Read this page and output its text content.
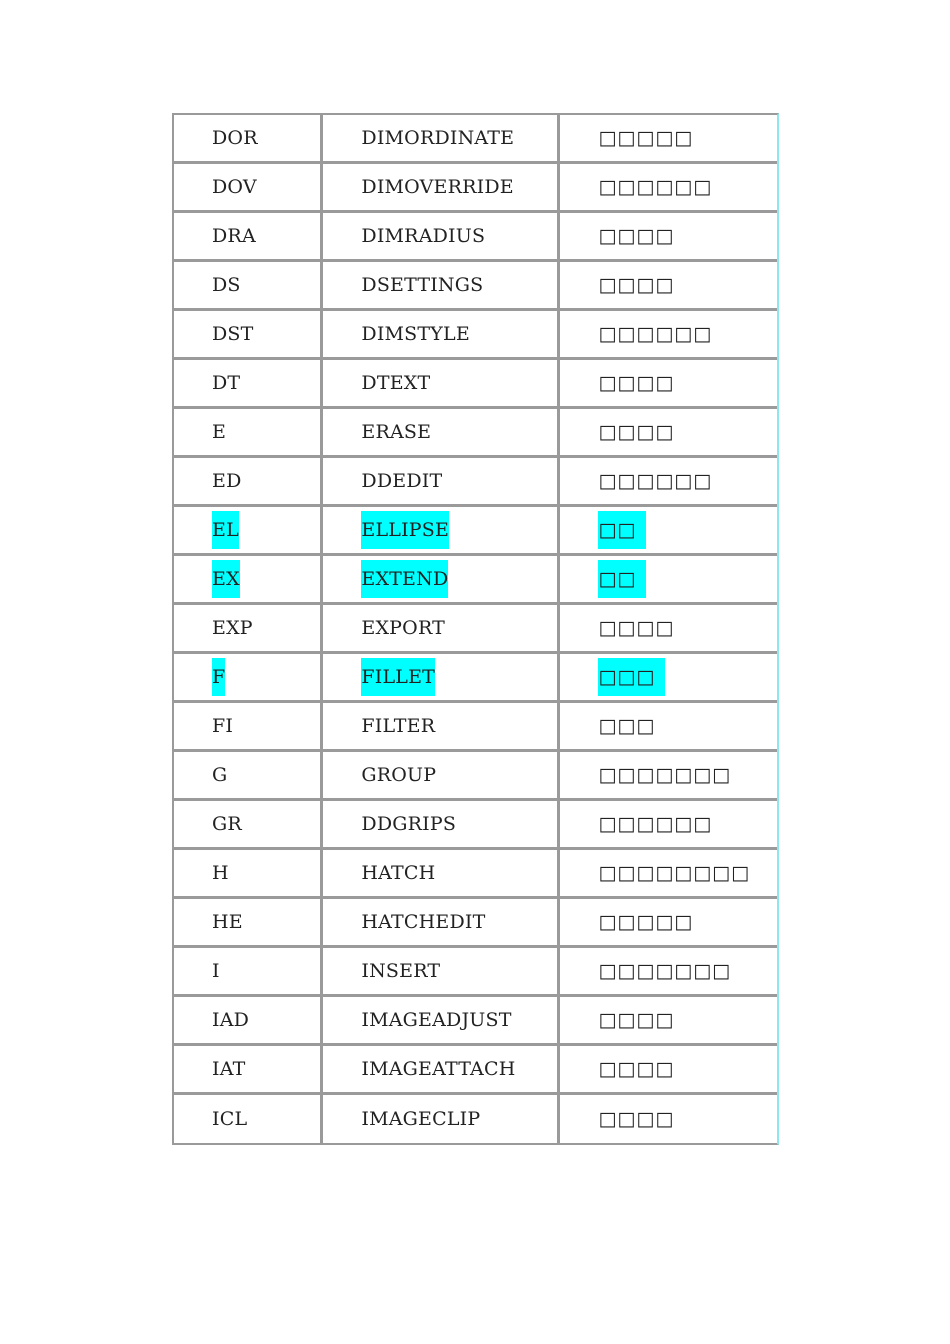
DOR	DIMORDINATE	□□□□□
DOV	DIMOVERRIDE	□□□□□□
DRA	DIMRADIUS	□□□□
DS	DSETTINGS	□□□□
DST	DIMSTYLE	□□□□□□
DT	DTEXT	□□□□
E	ERASE	□□□□
ED	DDEDIT	□□□□□□
EL	ELLIPSE	□□
EX	EXTEND	□□
EXP	EXPORT	□□□□
F	FILLET	□□□
FI	FILTER	□□□
G	GROUP	□□□□□□□
GR	DDGRIPS	□□□□□□
H	HATCH	□□□□□□□□
HE	HATCHEDIT	□□□□□
I	INSERT	□□□□□□□
IAD	IMAGEADJUST	□□□□
IAT	IMAGEATTACH	□□□□
ICL	IMAGECLIP	□□□□
